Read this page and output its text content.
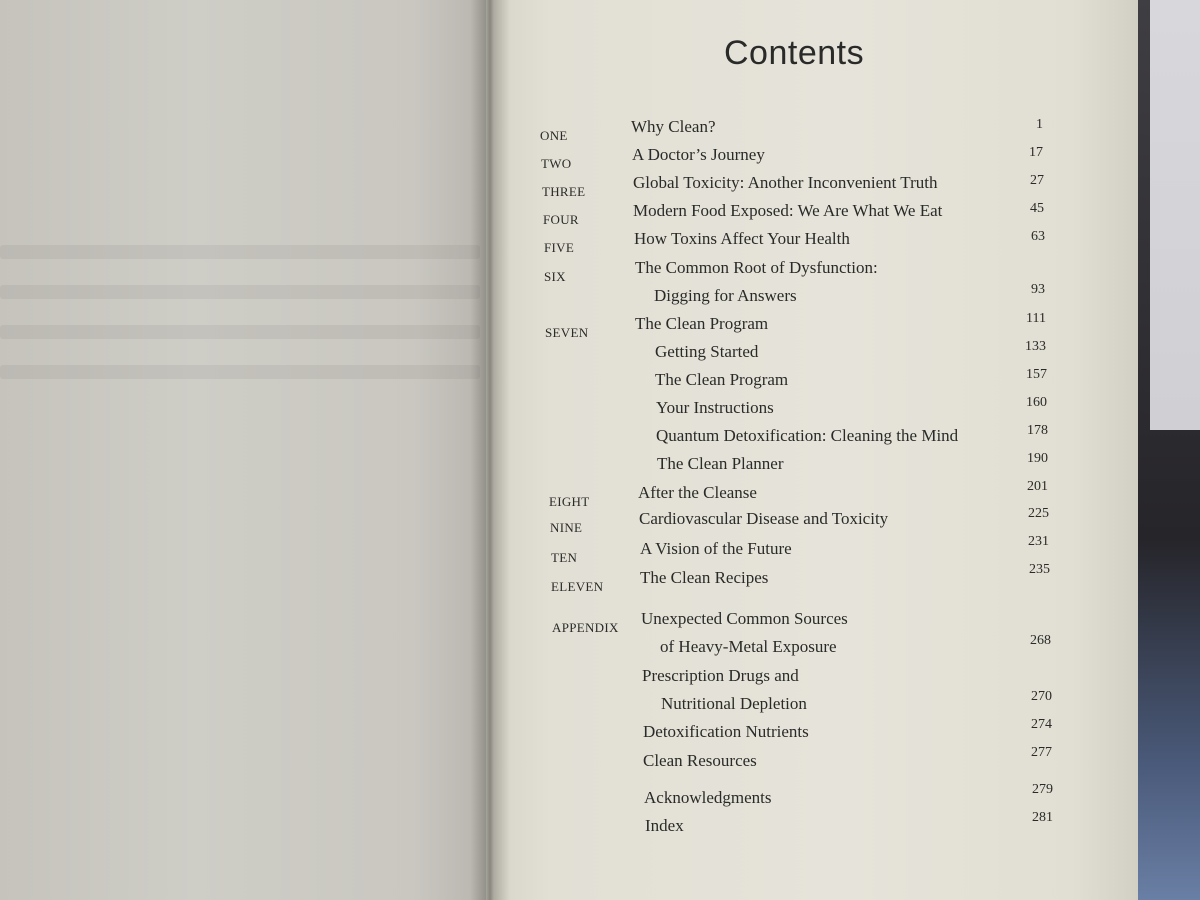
Contents
ONE	Why Clean?	1
TWO	A Doctor’s Journey	17
THREE	Global Toxicity: Another Inconvenient Truth	27
FOUR	Modern Food Exposed: We Are What We Eat	45
FIVE	How Toxins Affect Your Health	63
SIX	The Common Root of Dysfunction:
Digging for Answers	93
SEVEN	The Clean Program	111
Getting Started	133
The Clean Program	157
Your Instructions	160
Quantum Detoxification: Cleaning the Mind	178
The Clean Planner	190
EIGHT	After the Cleanse	201
NINE	Cardiovascular Disease and Toxicity	225
TEN	A Vision of the Future	231
ELEVEN The Clean Recipes	235
APPENDIX Unexpected Common Sources
of Heavy-Metal Exposure	268
Prescription Drugs and
Nutritional Depletion	270
Detoxification Nutrients	274
Clean Resources	277
Acknowledgments	279
Index	281
